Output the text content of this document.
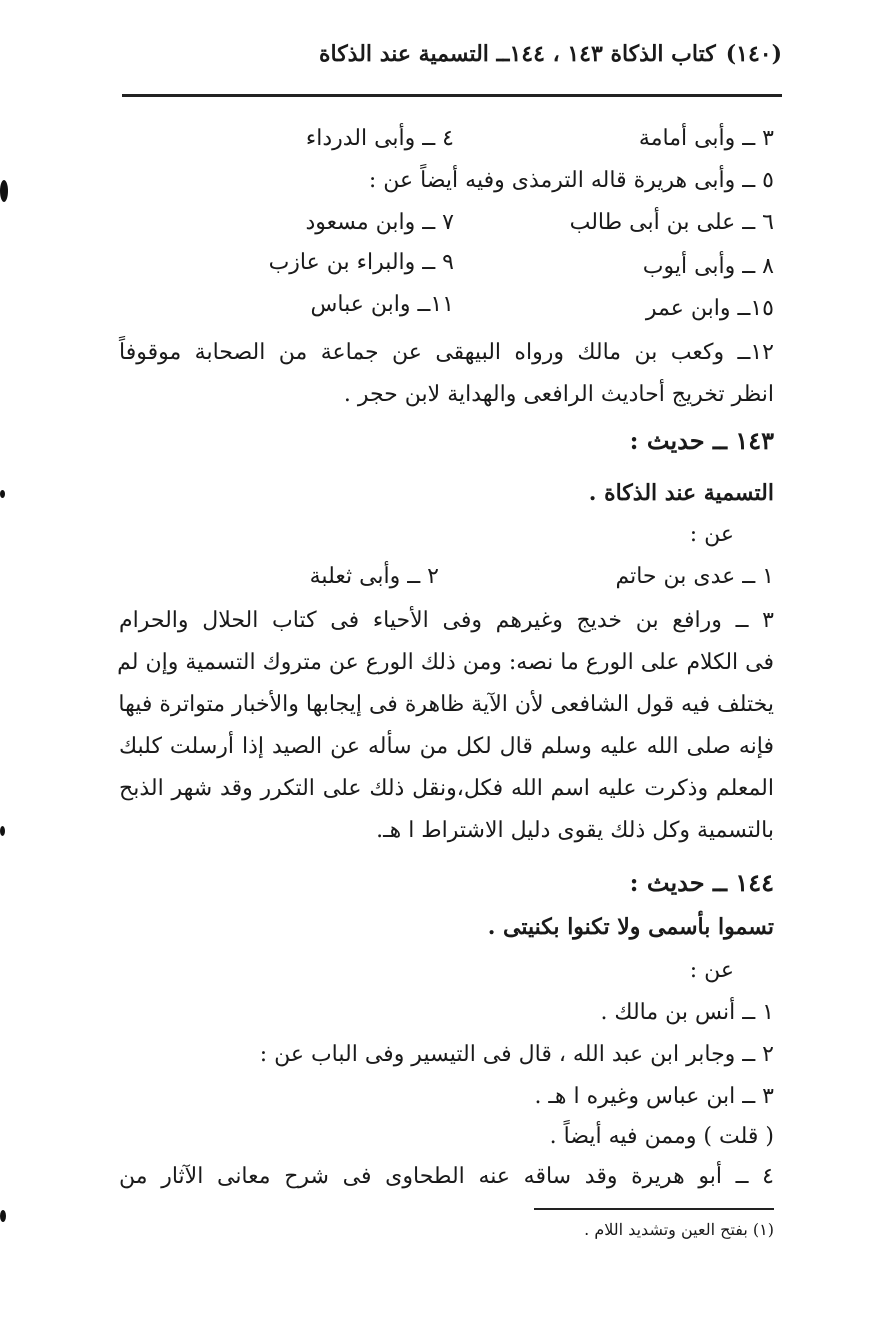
(١٤٠)
كتاب الذكاة ١٤٣ ، ١٤٤ــ التسمية عند الذكاة
٣ ــ وأبى أمامة
٤ ــ وأبى الدرداء
٥ ــ وأبى هريرة قاله الترمذى وفيه أيضاً عن :
٦ ــ على بن أبى طالب
٧ ــ وابن مسعود
٨ ــ وأبى أيوب
٩ ــ والبراء بن عازب
١٥ــ وابن عمر
١١ــ وابن عباس
١٢ــ وكعب بن مالك ورواه البيهقى عن جماعة من الصحابة موقوفاً
انظر تخريج أحاديث الرافعى والهداية لابن حجر .
١٤٣ ــ حديث :
التسمية عند الذكاة .
عن :
١ ــ عدى بن حاتم
٢ ــ وأبى ثعلبة
٣ ــ ورافع بن خديج وغيرهم وفى الأحياء فى كتاب الحلال والحرام
فى الكلام على الورع ما نصه: ومن ذلك الورع عن متروك التسمية وإن لم
يختلف فيه قول الشافعى لأن الآية ظاهرة فى إيجابها والأخبار متواترة فيها
فإنه صلى الله عليه وسلم قال لكل من سأله عن الصيد إذا أرسلت كلبك
المعلم وذكرت عليه اسم الله فكل،ونقل ذلك على التكرر وقد شهر الذبح
بالتسمية وكل ذلك يقوى دليل الاشتراط ا هـ.
١٤٤ ــ حديث :
تسموا بأسمى ولا تكنوا بكنيتى .
عن :
١ ــ أنس بن مالك .
٢ ــ وجابر ابن عبد الله ، قال فى التيسير وفى الباب عن :
٣ ــ ابن عباس وغيره ا هـ .
( قلت ) وممن فيه أيضاً .
٤ ــ أبو هريرة وقد ساقه عنه الطحاوى فى شرح معانى الآثار من
(١) بفتح العين وتشديد اللام .
